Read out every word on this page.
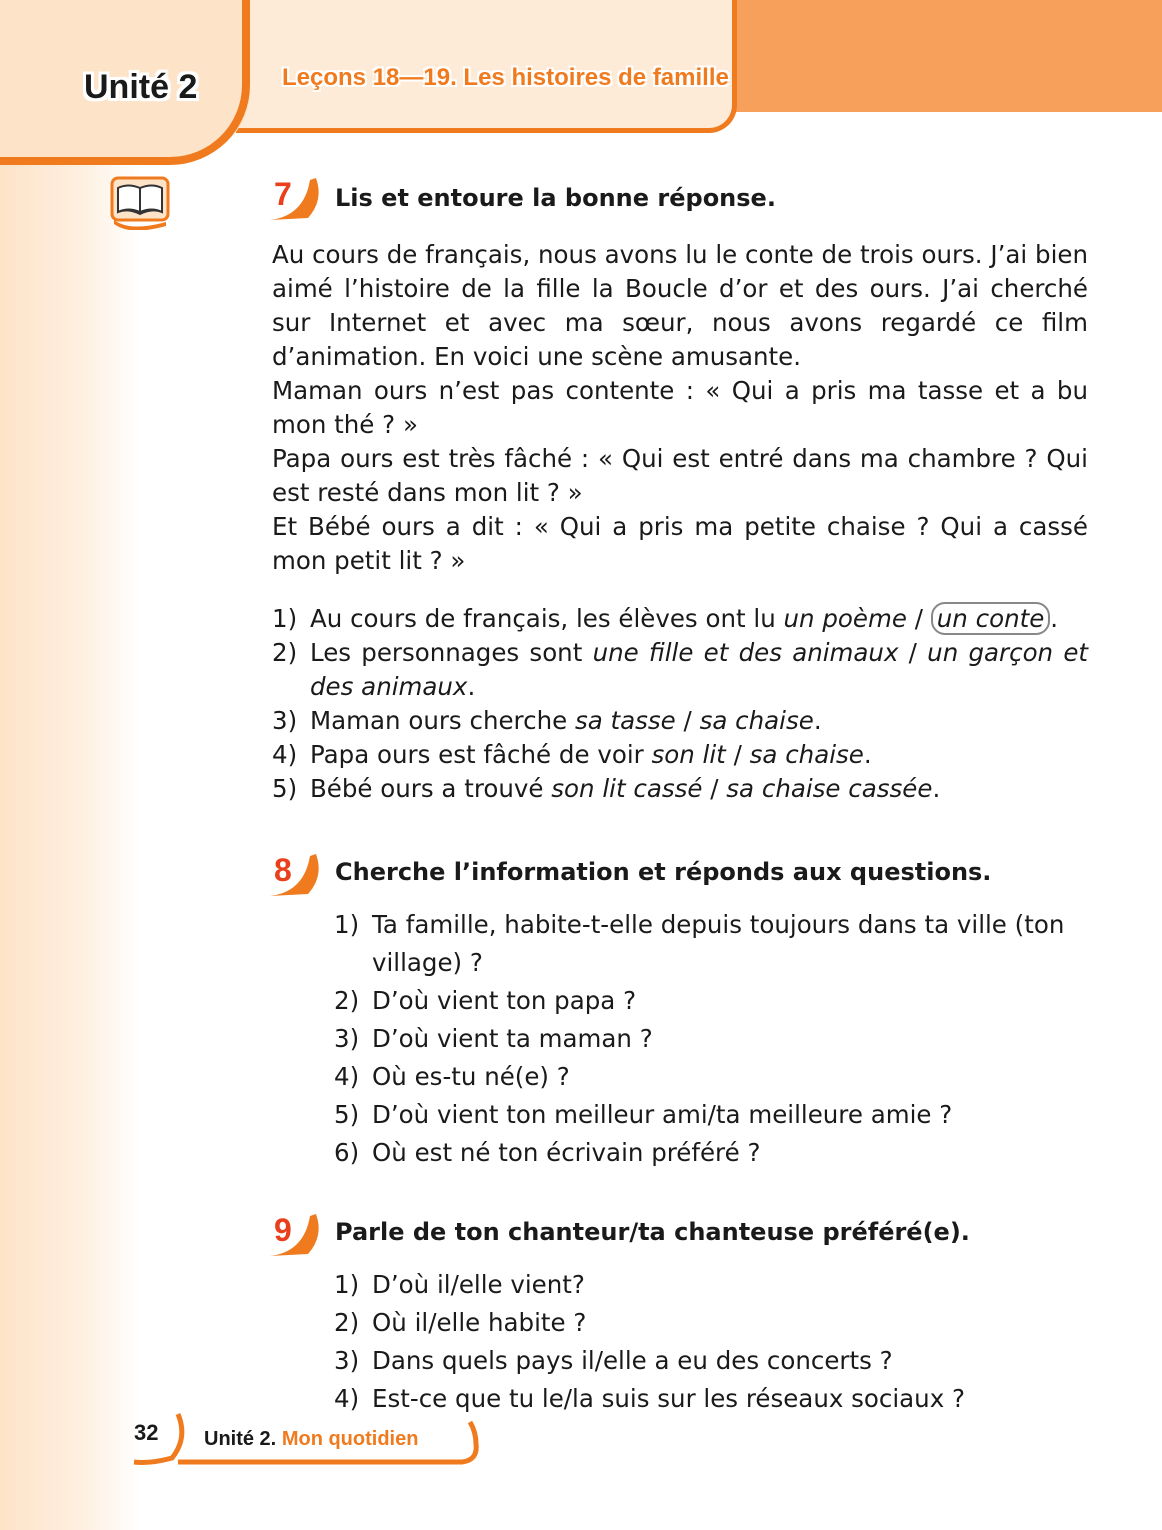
Unité 2	Leçons 18—19. Les histoires de famille
7 Lis et entoure la bonne réponse.

Au cours de français, nous avons lu le conte de trois ours. J’ai bien aimé l’histoire de la fille la Boucle d’or et des ours. J’ai cherché sur Internet et avec ma sœur, nous avons regardé ce film d’animation. En voici une scène amusante.

Maman ours n’est pas contente : « Qui a pris ma tasse et a bu mon thé ? »

Papa ours est très fâché : « Qui est entré dans ma chambre ? Qui est resté dans mon lit ? »

Et Bébé ours a dit : « Qui a pris ma petite chaise ? Qui a cassé mon petit lit ? »

1) Au cours de français, les élèves ont lu un poème / un conte .
2) Les personnages sont une fille et des animaux / un garçon et des animaux.
3) Maman ours cherche sa tasse / sa chaise.
4) Papa ours est fâché de voir son lit / sa chaise.
5) Bébé ours a trouvé son lit cassé / sa chaise cassée.
8 Cherche l’information et réponds aux questions.
1) Ta famille, habite-t-elle depuis toujours dans ta ville (ton village) ?
2) D’où vient ton papa ?
3) D’où vient ta maman ?
4) Où es-tu né(e) ?
5) D’où vient ton meilleur ami/ta meilleure amie ?
6) Où est né ton écrivain préféré ?
9 Parle de ton chanteur/ta chanteuse préféré(e).
1) D’où il/elle vient?
2) Où il/elle habite ?
3) Dans quels pays il/elle a eu des concerts ?
4) Est-ce que tu le/la suis sur les réseaux sociaux ?
32 Unité 2. Mon quotidien
